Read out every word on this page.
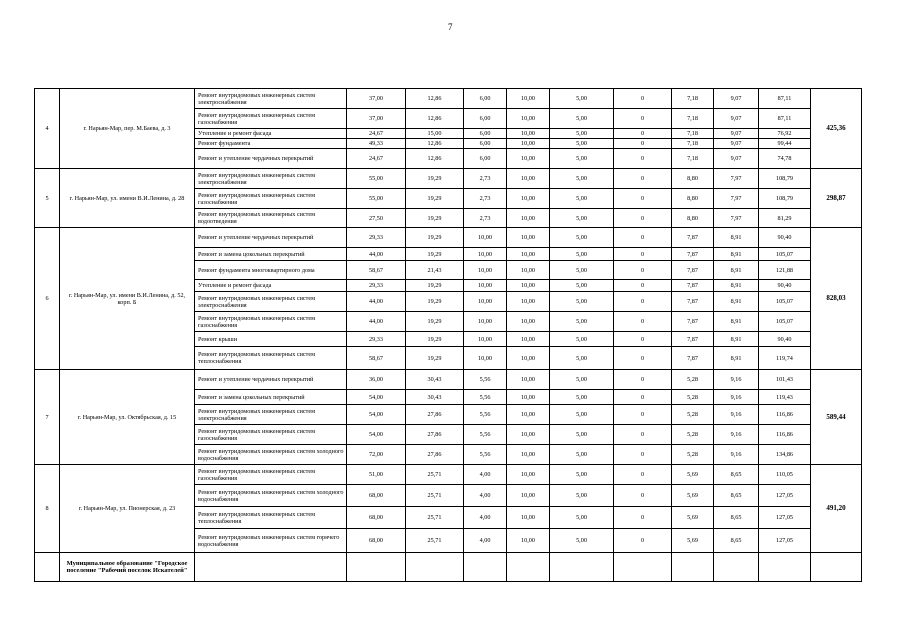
7
4	г. Нарьян-Мар, пер. М.Баева, д. 3	Ремонт внутридомовых инженерных систем электроснабжения	37,00	12,86	6,00	10,00	5,00	0	7,18	9,07	87,11	425,36
		Ремонт внутридомовых инженерных систем газоснабжения	37,00	12,86	6,00	10,00	5,00	0	7,18	9,07	87,11	
		Утепление и ремонт фасада	24,67	15,00	6,00	10,00	5,00	0	7,18	9,07	76,92	
		Ремонт фундамента	49,33	12,86	6,00	10,00	5,00	0	7,18	9,07	99,44	
		Ремонт и утепление чердачных перекрытий	24,67	12,86	6,00	10,00	5,00	0	7,18	9,07	74,78	
5	г. Нарьян-Мар, ул. имени В.И.Ленина, д. 28	Ремонт внутридомовых инженерных систем электроснабжения	55,00	19,29	2,73	10,00	5,00	0	8,80	7,97	108,79	298,87
		Ремонт внутридомовых инженерных систем газоснабжения	55,00	19,29	2,73	10,00	5,00	0	8,80	7,97	108,79	
		Ремонт внутридомовых инженерных систем водоотведения	27,50	19,29	2,73	10,00	5,00	0	8,80	7,97	81,29	
6	г. Нарьян-Мар, ул. имени В.И.Ленина, д. 52, корп. Б	Ремонт и утепление чердачных перекрытий	29,33	19,29	10,00	10,00	5,00	0	7,87	8,91	90,40	828,03
		Ремонт и замена цокольных перекрытий	44,00	19,29	10,00	10,00	5,00	0	7,87	8,91	105,07	
		Ремонт фундамента многоквартирного дома	58,67	21,43	10,00	10,00	5,00	0	7,87	8,91	121,88	
		Утепление и ремонт фасада	29,33	19,29	10,00	10,00	5,00	0	7,87	8,91	90,40	
		Ремонт внутридомовых инженерных систем электроснабжения	44,00	19,29	10,00	10,00	5,00	0	7,87	8,91	105,07	
		Ремонт внутридомовых инженерных систем газоснабжения	44,00	19,29	10,00	10,00	5,00	0	7,87	8,91	105,07	
		Ремонт крыши	29,33	19,29	10,00	10,00	5,00	0	7,87	8,91	90,40	
		Ремонт внутридомовых инженерных систем теплоснабжения	58,67	19,29	10,00	10,00	5,00	0	7,87	8,91	119,74	
7	г. Нарьян-Мар, ул. Октябрьская, д. 15	Ремонт и утепление чердачных перекрытий	36,00	30,43	5,56	10,00	5,00	0	5,28	9,16	101,43	589,44
		Ремонт и замена цокольных перекрытий	54,00	30,43	5,56	10,00	5,00	0	5,28	9,16	119,43	
		Ремонт внутридомовых инженерных систем электроснабжения	54,00	27,86	5,56	10,00	5,00	0	5,28	9,16	116,86	
		Ремонт внутридомовых инженерных систем газоснабжения	54,00	27,86	5,56	10,00	5,00	0	5,28	9,16	116,86	
		Ремонт внутридомовых инженерных систем холодного водоснабжения	72,00	27,86	5,56	10,00	5,00	0	5,28	9,16	134,86	
8	г. Нарьян-Мар, ул. Пионерская, д. 23	Ремонт внутридомовых инженерных систем газоснабжения	51,00	25,71	4,00	10,00	5,00	0	5,69	8,65	110,05	491,20
		Ремонт внутридомовых инженерных систем холодного водоснабжения	68,00	25,71	4,00	10,00	5,00	0	5,69	8,65	127,05	
		Ремонт внутридомовых инженерных систем теплоснабжения	68,00	25,71	4,00	10,00	5,00	0	5,69	8,65	127,05	
		Ремонт внутридомовых инженерных систем горячего водоснабжения	68,00	25,71	4,00	10,00	5,00	0	5,69	8,65	127,05	
	Муниципальное образование "Городское поселение "Рабочий поселок Искателей"											
